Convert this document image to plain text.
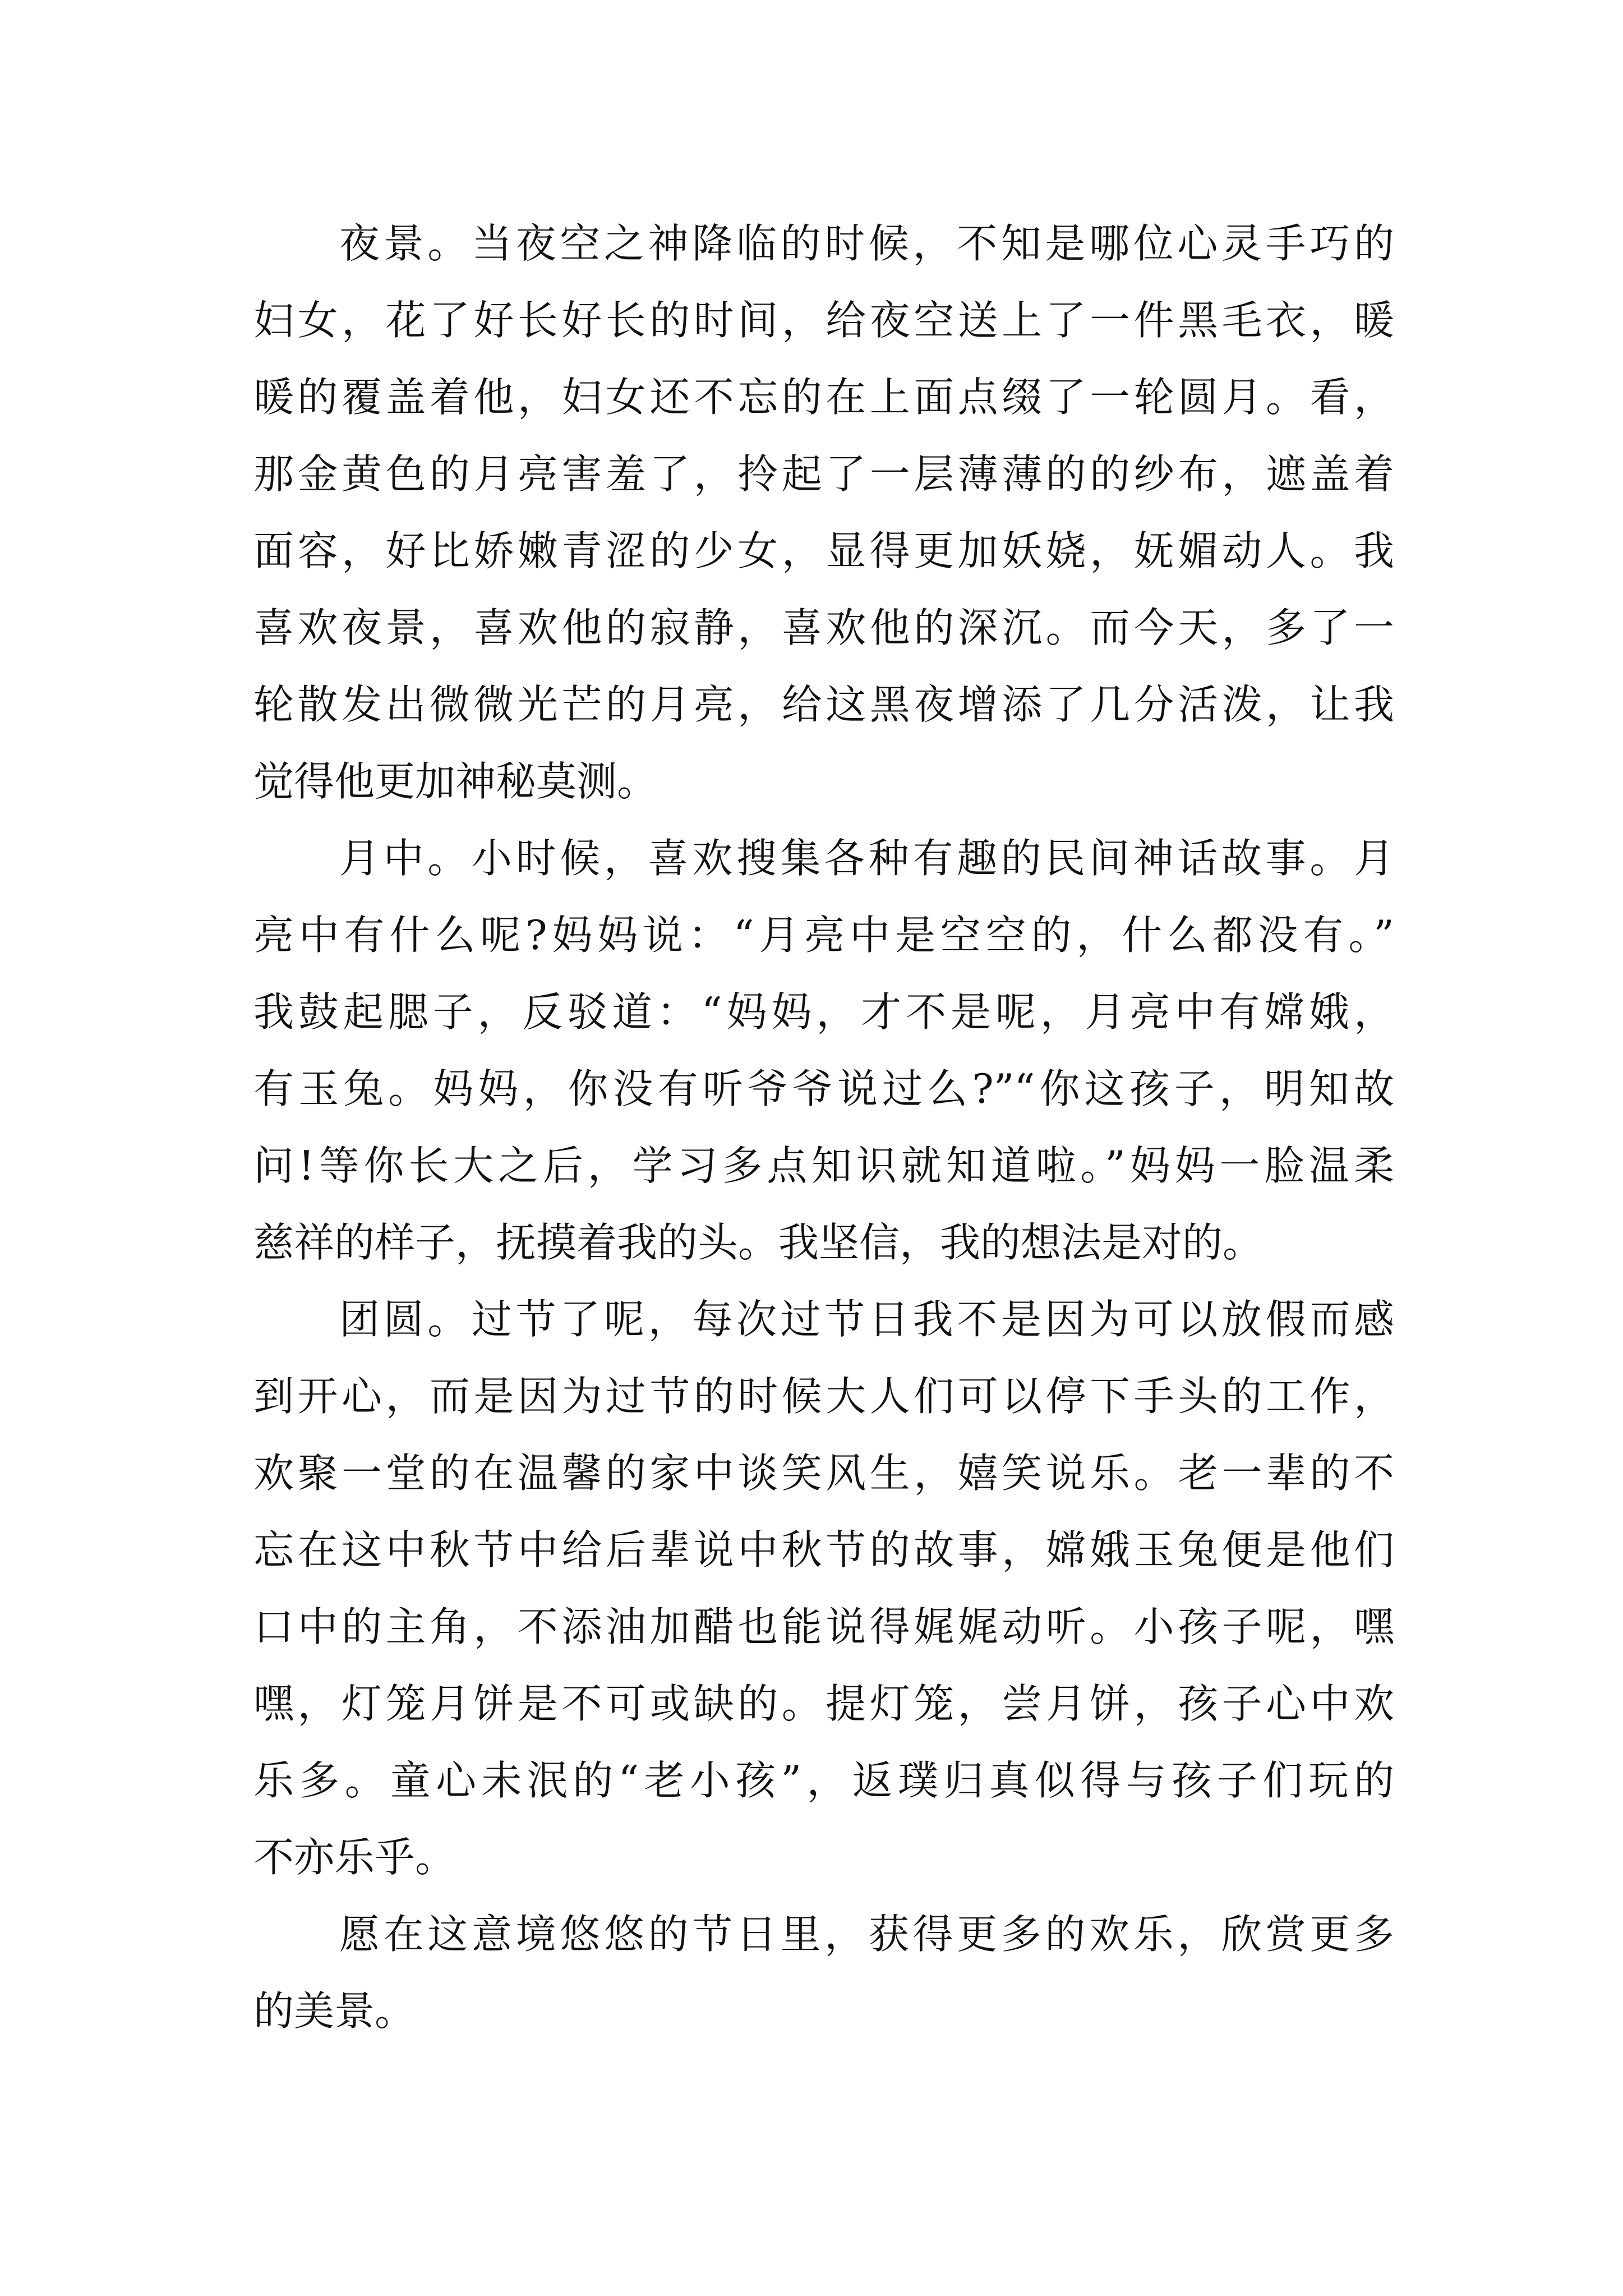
夜景。当夜空之神降临的时候，不知是哪位心灵手巧的
妇女，花了好长好长的时间，给夜空送上了一件黑毛衣，暖
暖的覆盖着他，妇女还不忘的在上面点缀了一轮圆月。看，
那金黄色的月亮害羞了，拎起了一层薄薄的的纱布，遮盖着
面容，好比娇嫩青涩的少女，显得更加妖娆，妩媚动人。我
喜欢夜景，喜欢他的寂静，喜欢他的深沉。而今天，多了一
轮散发出微微光芒的月亮，给这黑夜增添了几分活泼，让我
觉得他更加神秘莫测。
月中。小时候，喜欢搜集各种有趣的民间神话故事。月
亮中有什么呢?妈妈说：“月亮中是空空的，什么都没有。”
我鼓起腮子，反驳道：“妈妈，才不是呢，月亮中有嫦娥，
有玉兔。妈妈，你没有听爷爷说过么?”“你这孩子，明知故
问!等你长大之后，学习多点知识就知道啦。”妈妈一脸温柔
慈祥的样子，抚摸着我的头。我坚信，我的想法是对的。
团圆。过节了呢，每次过节日我不是因为可以放假而感
到开心，而是因为过节的时候大人们可以停下手头的工作，
欢聚一堂的在温馨的家中谈笑风生，嬉笑说乐。老一辈的不
忘在这中秋节中给后辈说中秋节的故事，嫦娥玉兔便是他们
口中的主角，不添油加醋也能说得娓娓动听。小孩子呢，嘿
嘿，灯笼月饼是不可或缺的。提灯笼，尝月饼，孩子心中欢
乐多。童心未泯的“老小孩”，返璞归真似得与孩子们玩的
不亦乐乎。
愿在这意境悠悠的节日里，获得更多的欢乐，欣赏更多
的美景。
